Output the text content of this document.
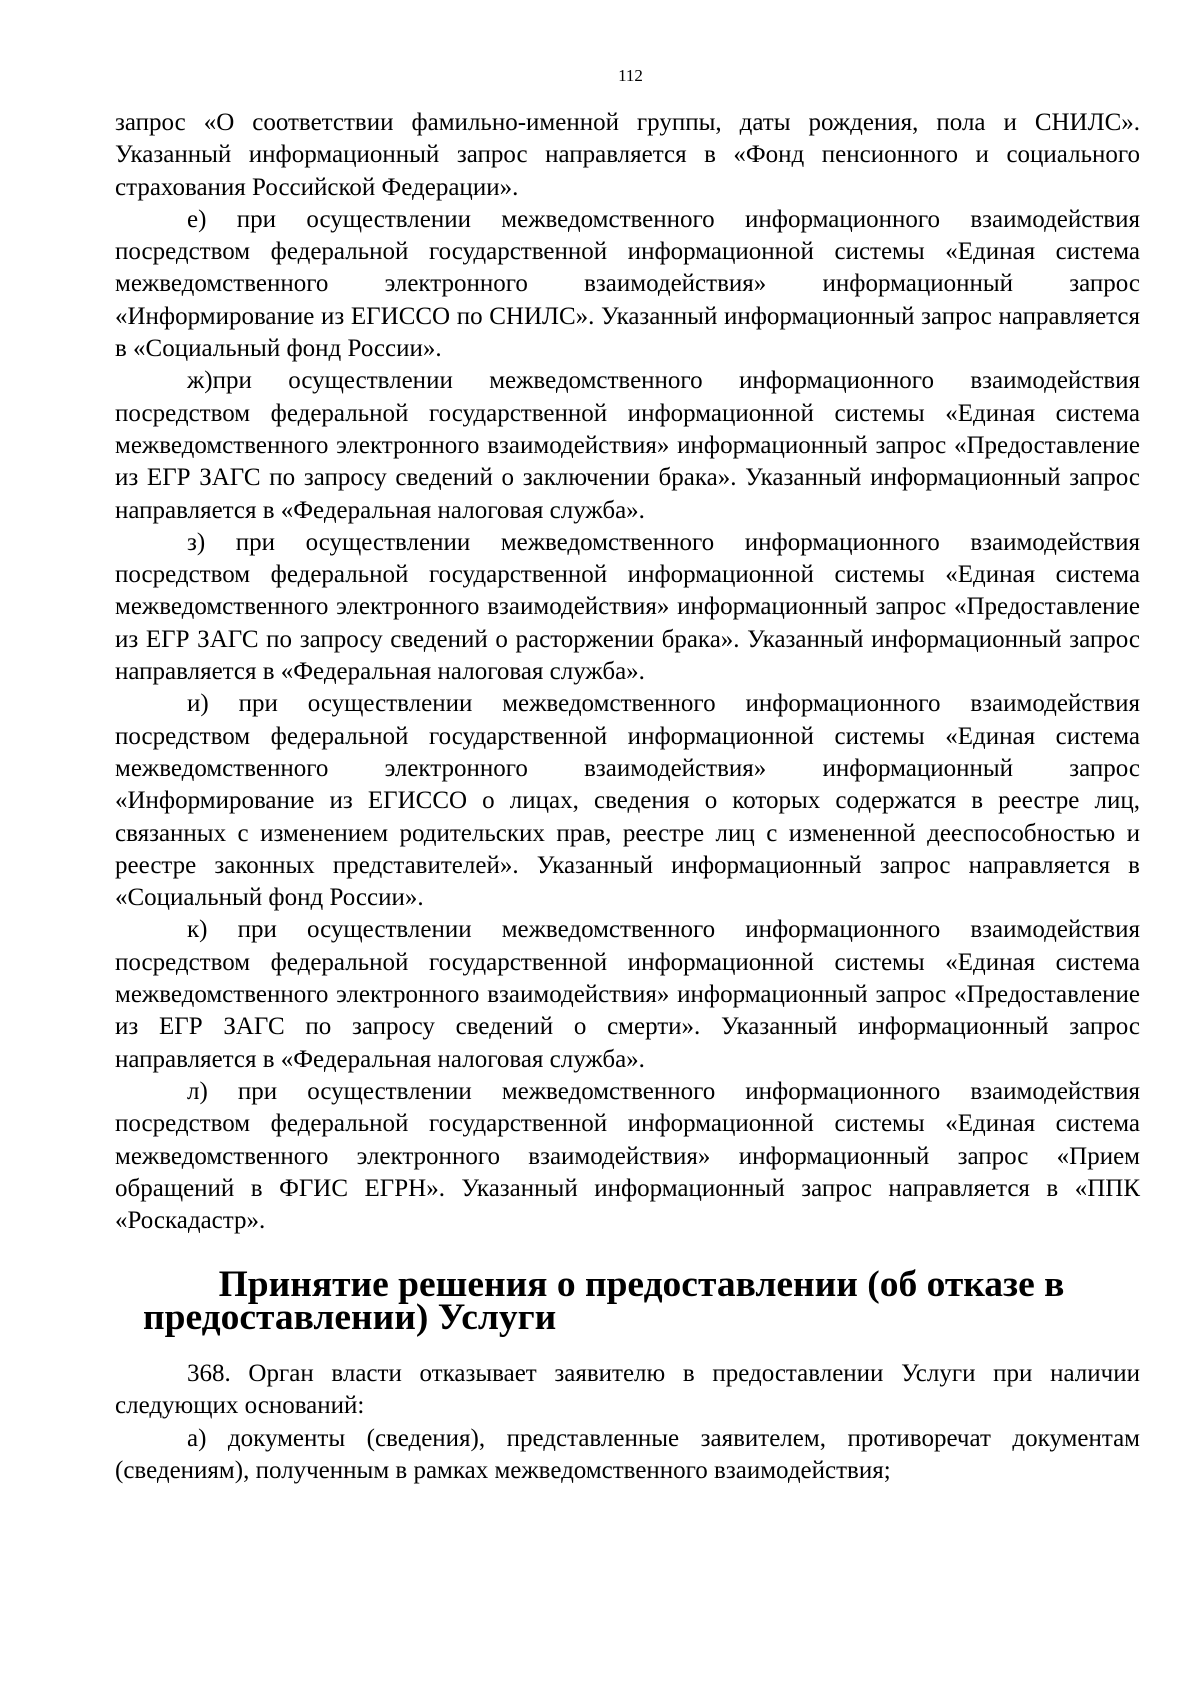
112

запрос «О соответствии фамильно-именной группы, даты рождения, пола и СНИЛС». Указанный информационный запрос направляется в «Фонд пенсионного и социального страхования Российской Федерации».

е) при осуществлении межведомственного информационного взаимодействия посредством федеральной государственной информационной системы «Единая система межведомственного электронного взаимодействия» информационный запрос «Информирование из ЕГИССО по СНИЛС». Указанный информационный запрос направляется в «Социальный фонд России».

ж)при осуществлении межведомственного информационного взаимодействия посредством федеральной государственной информационной системы «Единая система межведомственного электронного взаимодействия» информационный запрос «Предоставление из ЕГР ЗАГС по запросу сведений о заключении брака». Указанный информационный запрос направляется в «Федеральная налоговая служба».

з) при осуществлении межведомственного информационного взаимодействия посредством федеральной государственной информационной системы «Единая система межведомственного электронного взаимодействия» информационный запрос «Предоставление из ЕГР ЗАГС по запросу сведений о расторжении брака». Указанный информационный запрос направляется в «Федеральная налоговая служба».

и) при осуществлении межведомственного информационного взаимодействия посредством федеральной государственной информационной системы «Единая система межведомственного электронного взаимодействия» информационный запрос «Информирование из ЕГИССО о лицах, сведения о которых содержатся в реестре лиц, связанных с изменением родительских прав, реестре лиц с измененной дееспособностью и реестре законных представителей». Указанный информационный запрос направляется в «Социальный фонд России».

к) при осуществлении межведомственного информационного взаимодействия посредством федеральной государственной информационной системы «Единая система межведомственного электронного взаимодействия» информационный запрос «Предоставление из ЕГР ЗАГС по запросу сведений о смерти». Указанный информационный запрос направляется в «Федеральная налоговая служба».

л) при осуществлении межведомственного информационного взаимодействия посредством федеральной государственной информационной системы «Единая система межведомственного электронного взаимодействия» информационный запрос «Прием обращений в ФГИС ЕГРН». Указанный информационный запрос направляется в «ППК «Роскадастр».

Принятие решения о предоставлении (об отказе в предоставлении) Услуги

368. Орган власти отказывает заявителю в предоставлении Услуги при наличии следующих оснований:

а) документы (сведения), представленные заявителем, противоречат документам (сведениям), полученным в рамках межведомственного взаимодействия;
